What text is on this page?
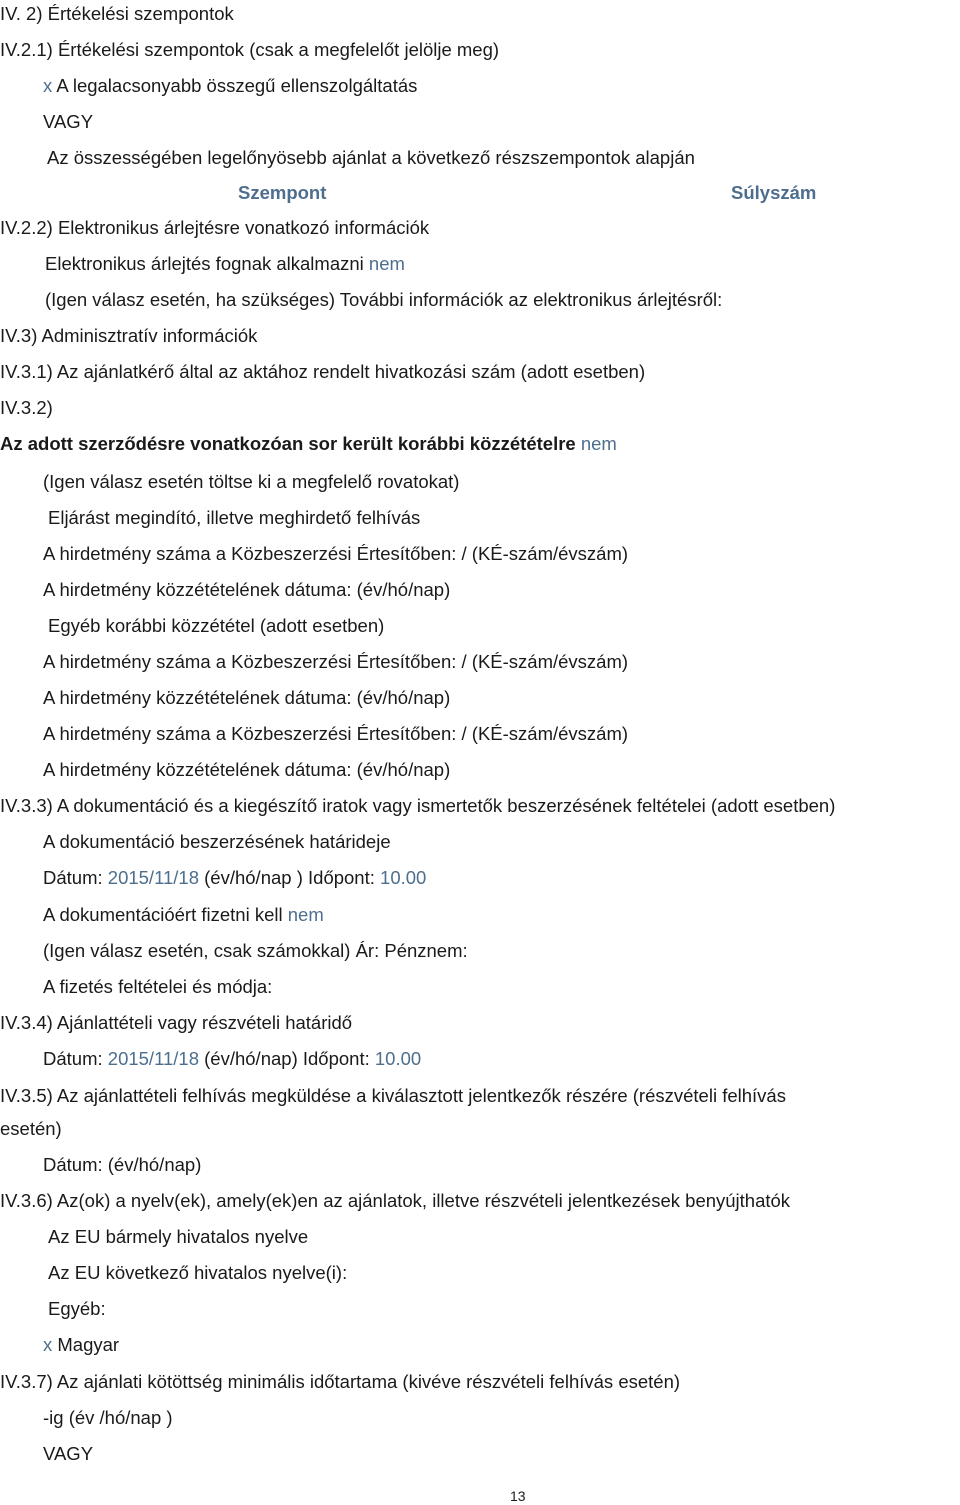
IV. 2) Értékelési szempontok
IV.2.1) Értékelési szempontok (csak a megfelelőt jelölje meg)
x A legalacsonyabb összegű ellenszolgáltatás
VAGY
Az összességében legelőnyösebb ajánlat a következő részszempontok alapján
Szempont	Súlyszám
IV.2.2) Elektronikus árlejtésre vonatkozó információk
Elektronikus árlejtés fognak alkalmazni nem
(Igen válasz esetén, ha szükséges) További információk az elektronikus árlejtésről:
IV.3) Adminisztratív információk
IV.3.1) Az ajánlatkérő által az aktához rendelt hivatkozási szám (adott esetben)
IV.3.2)
Az adott szerződésre vonatkozóan sor került korábbi közzétételre nem
(Igen válasz esetén töltse ki a megfelelő rovatokat)
Eljárást megindító, illetve meghirdető felhívás
A hirdetmény száma a Közbeszerzési Értesítőben: / (KÉ-szám/évszám)
A hirdetmény közzétételének dátuma: (év/hó/nap)
Egyéb korábbi közzététel (adott esetben)
A hirdetmény száma a Közbeszerzési Értesítőben: / (KÉ-szám/évszám)
A hirdetmény közzétételének dátuma: (év/hó/nap)
A hirdetmény száma a Közbeszerzési Értesítőben: / (KÉ-szám/évszám)
A hirdetmény közzétételének dátuma: (év/hó/nap)
IV.3.3) A dokumentáció és a kiegészítő iratok vagy ismertetők beszerzésének feltételei (adott esetben)
A dokumentáció beszerzésének határideje
Dátum: 2015/11/18 (év/hó/nap ) Időpont: 10.00
A dokumentációért fizetni kell nem
(Igen válasz esetén, csak számokkal) Ár: Pénznem:
A fizetés feltételei és módja:
IV.3.4) Ajánlattételi vagy részvételi határidő
Dátum: 2015/11/18 (év/hó/nap) Időpont: 10.00
IV.3.5) Az ajánlattételi felhívás megküldése a kiválasztott jelentkezők részére (részvételi felhívás
esetén)
Dátum: (év/hó/nap)
IV.3.6) Az(ok) a nyelv(ek), amely(ek)en az ajánlatok, illetve részvételi jelentkezések benyújthatók
Az EU bármely hivatalos nyelve
Az EU következő hivatalos nyelve(i):
Egyéb:
x Magyar
IV.3.7) Az ajánlati kötöttség minimális időtartama (kivéve részvételi felhívás esetén)
-ig (év /hó/nap )
VAGY
13
